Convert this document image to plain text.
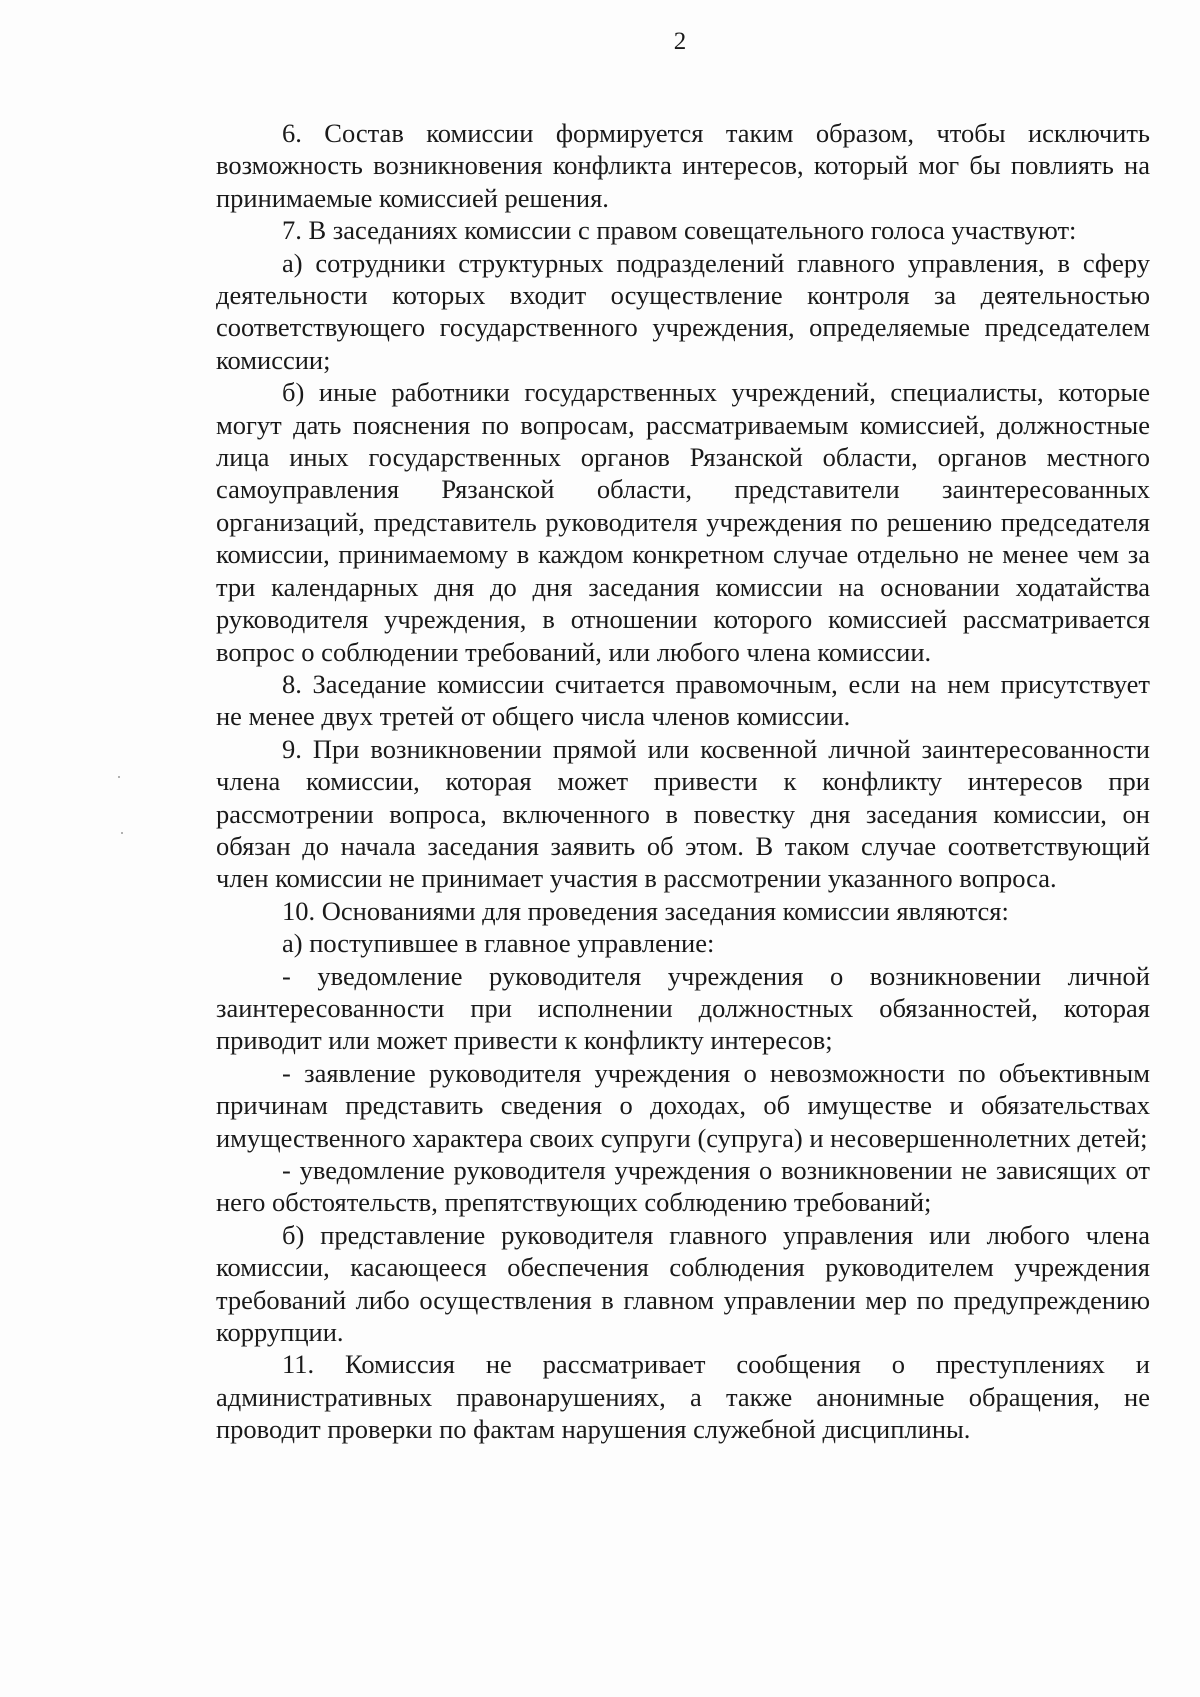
2

6. Состав комиссии формируется таким образом, чтобы исключить возможность возникновения конфликта интересов, который мог бы повлиять на принимаемые комиссией решения.

7. В заседаниях комиссии с правом совещательного голоса участвуют:

а) сотрудники структурных подразделений главного управления, в сферу деятельности которых входит осуществление контроля за деятельностью соответствующего государственного учреждения, определяемые председателем комиссии;

б) иные работники государственных учреждений, специалисты, которые могут дать пояснения по вопросам, рассматриваемым комиссией, должностные лица иных государственных органов Рязанской области, органов местного самоуправления Рязанской области, представители заинтересованных организаций, представитель руководителя учреждения по решению председателя комиссии, принимаемому в каждом конкретном случае отдельно не менее чем за три календарных дня до дня заседания комиссии на основании ходатайства руководителя учреждения, в отношении которого комиссией рассматривается вопрос о соблюдении требований, или любого члена комиссии.

8. Заседание комиссии считается правомочным, если на нем присутствует не менее двух третей от общего числа членов комиссии.

9. При возникновении прямой или косвенной личной заинтересованности члена комиссии, которая может привести к конфликту интересов при рассмотрении вопроса, включенного в повестку дня заседания комиссии, он обязан до начала заседания заявить об этом. В таком случае соответствующий член комиссии не принимает участия в рассмотрении указанного вопроса.

10. Основаниями для проведения заседания комиссии являются:

а) поступившее в главное управление:

- уведомление руководителя учреждения о возникновении личной заинтересованности при исполнении должностных обязанностей, которая приводит или может привести к конфликту интересов;

- заявление руководителя учреждения о невозможности по объективным причинам представить сведения о доходах, об имуществе и обязательствах имущественного характера своих супруги (супруга) и несовершеннолетних детей;

- уведомление руководителя учреждения о возникновении не зависящих от него обстоятельств, препятствующих соблюдению требований;

б) представление руководителя главного управления или любого члена комиссии, касающееся обеспечения соблюдения руководителем учреждения требований либо осуществления в главном управлении мер по предупреждению коррупции.

11. Комиссия не рассматривает сообщения о преступлениях и административных правонарушениях, а также анонимные обращения, не проводит проверки по фактам нарушения служебной дисциплины.
